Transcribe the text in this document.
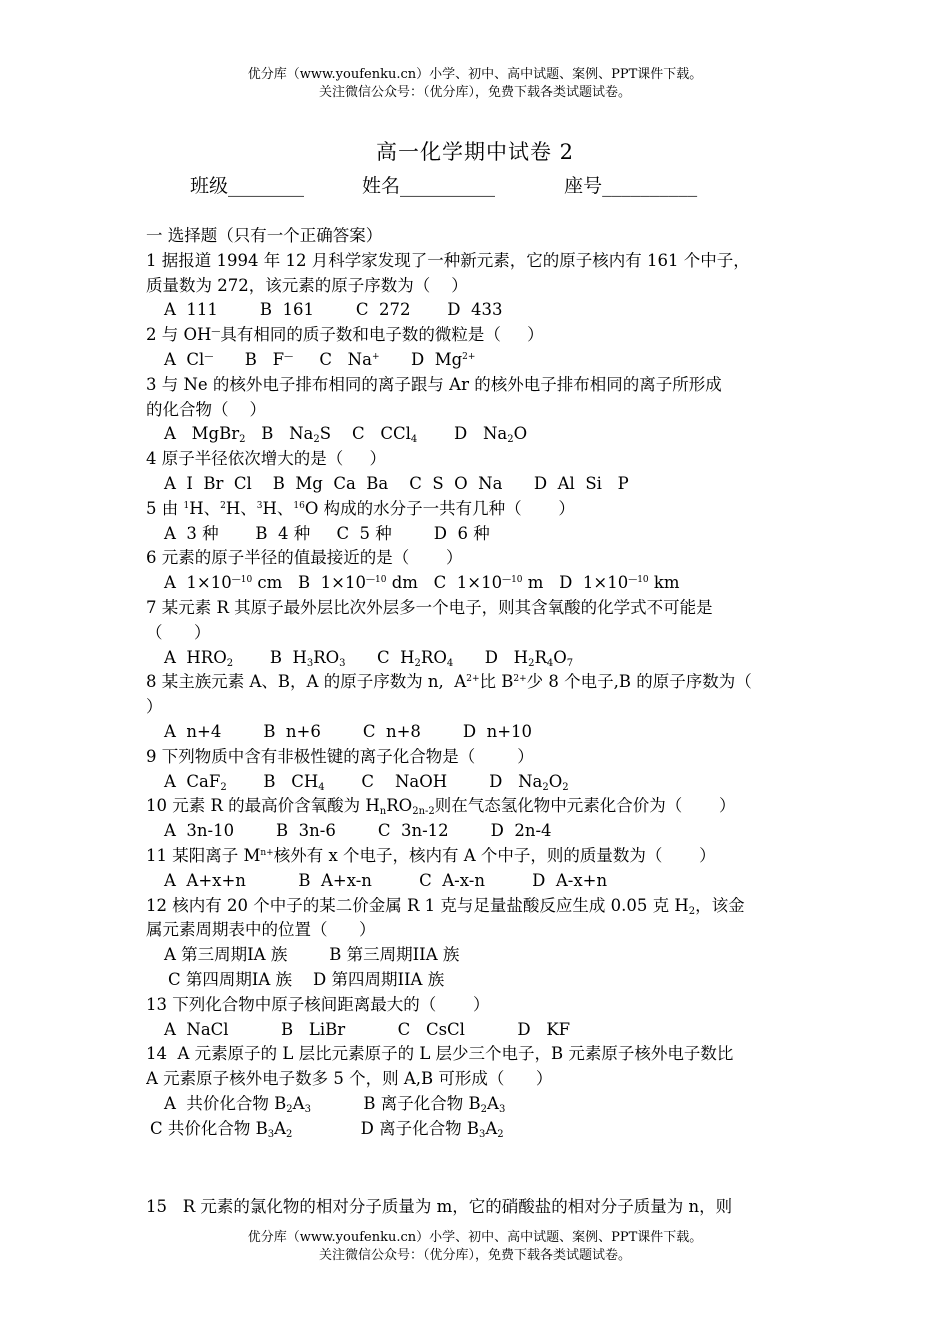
优分库（www.youfenku.cn）小学、初中、高中试题、案例、PPT课件下载。
关注微信公众号：（优分库），免费下载各类试题试卷。
高一化学期中试卷 2
班级________	姓名__________	座号__________
一 选择题（只有一个正确答案）
1 据报道 1994 年 12 月科学家发现了一种新元素，它的原子核内有 161 个中子，
质量数为 272，该元素的原子序数为（    ）
A  111        B  161        C  272       D  433
2 与 OH—具有相同的质子数和电子数的微粒是（     ）
A  Cl—      B   F—     C   Na+      D  $Mg^{2+}$
3 与 Ne 的核外电子排布相同的离子跟与 Ar 的核外电子排布相同的离子所形成
的化合物（    ）
A   MgBr$_2$   B   $Na_2S$    C   CCl$_4$       D   $Na_2O$
4 原子半径依次增大的是（     ）
A  I  Br  Cl    B  Mg  Ca  Ba    C  S  O  Na      D  Al  Si   P
5 由 $^1$H、$^2$H、$^3$H、$^{16}$O 构成的水分子一共有几种（       ）
A  3 种       B  4 种     C  5 种        D  6 种
6 元素的原子半径的值最接近的是（       ）
A  $1\times 10^{—10}$ cm   B  $1\times 10^{—10}$ dm   C  $1\times 10^{—10}$ m   D  $1\times 10^{—10}$ km
7 某元素 R 其原子最外层比次外层多一个电子，则其含氧酸的化学式不可能是
（      ）
A  $HRO_2$       B  $H_3RO_3$      C  $H_2RO_4$      D   $H_2R_4O_7$
8 某主族元素 A、B，A 的原子序数为 n,  $A^{2+}$比 $B^{2+}$少 8 个电子,B 的原子序数为（
）
A  n+4        B  n+6        C  n+8        D  n+10
9 下列物质中含有非极性键的离子化合物是（        ）
A  CaF$_2$       B   $CH_4$       C    NaOH        D   $Na_2O_2$
10 元素 R 的最高价含氧酸为 $H_nRO_{2n-2}$则在气态氢化物中元素化合价为（       ）
A  3n-10        B  3n-6        C  3n-12        D  2n-4
11 某阳离子 $M^{n+}$核外有 x 个电子，核内有 A 个中子，则的质量数为（       ）
A  A+x+n          B  A+x-n         C  A-x-n         D  A-x+n
12 核内有 20 个中子的某二价金属 R 1 克与足量盐酸反应生成 0.05 克 $H_2$，该金
属元素周期表中的位置（      ）
A 第三周期IA 族        B 第三周期IIA 族
C 第四周期IA 族    D 第四周期IIA 族
13 下列化合物中原子核间距离最大的（       ）
A  NaCl          B   LiBr          C   CsCl          D   KF
14  A 元素原子的 L 层比元素原子的 L 层少三个电子，B 元素原子核外电子数比
A 元素原子核外电子数多 5 个，则 A,B 可形成（      ）
A  共价化合物 $B_2A_3$          B 离子化合物 $B_2A_3$
C 共价化合物 $B_3A_2$             D 离子化合物 $B_3A_2$
15   R 元素的氯化物的相对分子质量为 m，它的硝酸盐的相对分子质量为 n，则
优分库（www.youfenku.cn）小学、初中、高中试题、案例、PPT课件下载。
关注微信公众号：（优分库），免费下载各类试题试卷。
